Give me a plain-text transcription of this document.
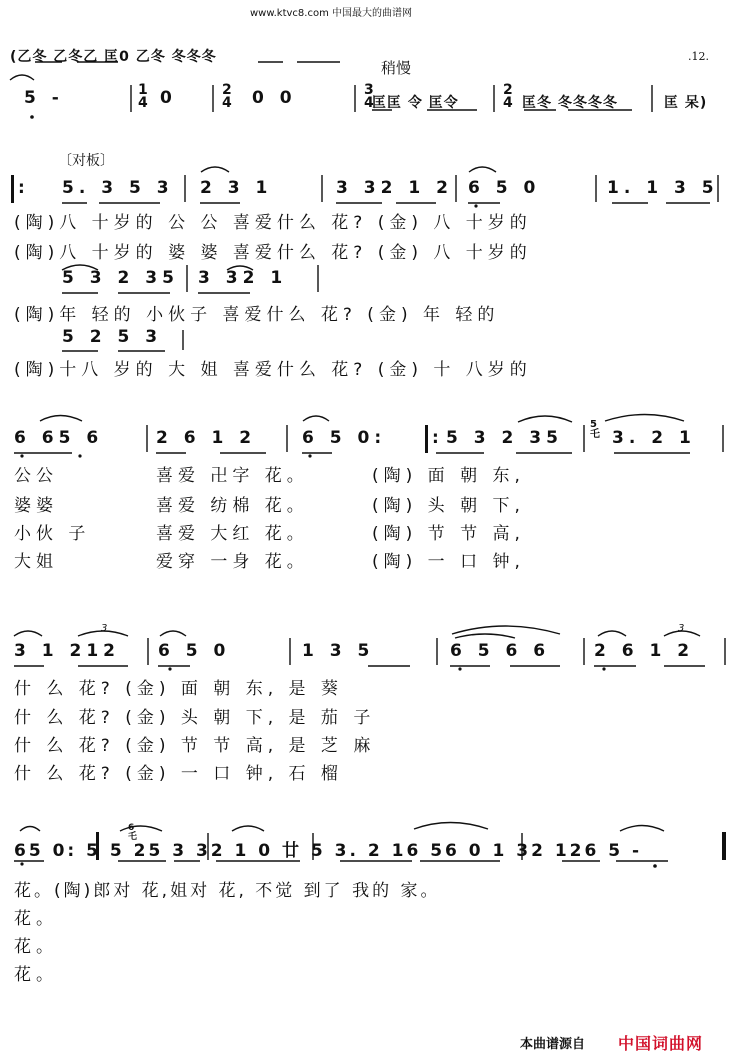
www.ktvc8.com 中国最大的曲谱网
.12.
稍慢
(乙冬 乙冬乙 匡0 乙冬 冬冬冬
5 -	1
4 0	2
4 0 0	3
4
匡匡 令 匡令
2
4 匡冬 冬冬冬冬	匡 呆)
〔对板〕
: 5. 3 5 3 2 3 1	3 32 1 2 6 5 0	1. 1 3 5
(陶)八 十岁的 公 公 喜爱什么 花? (金) 八 十岁的
(陶)八 十岁的 婆 婆 喜爱什么 花? (金) 八 十岁的
5 3 2 35 3 32 1
(陶)年 轻的 小伙子 喜爱什么 花? (金) 年 轻的
5 2 5 3
(陶)十八 岁的 大 姐 喜爱什么 花? (金) 十 八岁的
6 65 6	2 6 1 2	6 5 0:	: 5 3 2 35
5
乇 3. 2 1
公公	喜爱 卍字 花。	(陶) 面 朝 东,
婆婆	喜爱 纺棉 花。	(陶) 头 朝 下,
小伙 子	喜爱 大红 花。	(陶) 节 节 高,
大姐	爱穿 一身 花。	(陶) 一 口 钟,
3 1 212
3
6 5 0	1 3 5	6 5 6 6	2 6 1 2
3
什 么 花? (金) 面 朝 东, 是 葵
什 么 花? (金) 头 朝 下, 是 茄 子
什 么 花? (金) 节 节 高, 是 芝 麻
什 么 花? (金) 一 口 钟, 石 榴
65 0: 5 5 25 3 32 1 0 廿 5 3. 2 16 56 0 1 32 126 5 -
6
乇
花。(陶)郎对 花,姐对 花, 不觉 到了 我的 家。
花。
花。
花。
本曲谱源自 中国词曲网
